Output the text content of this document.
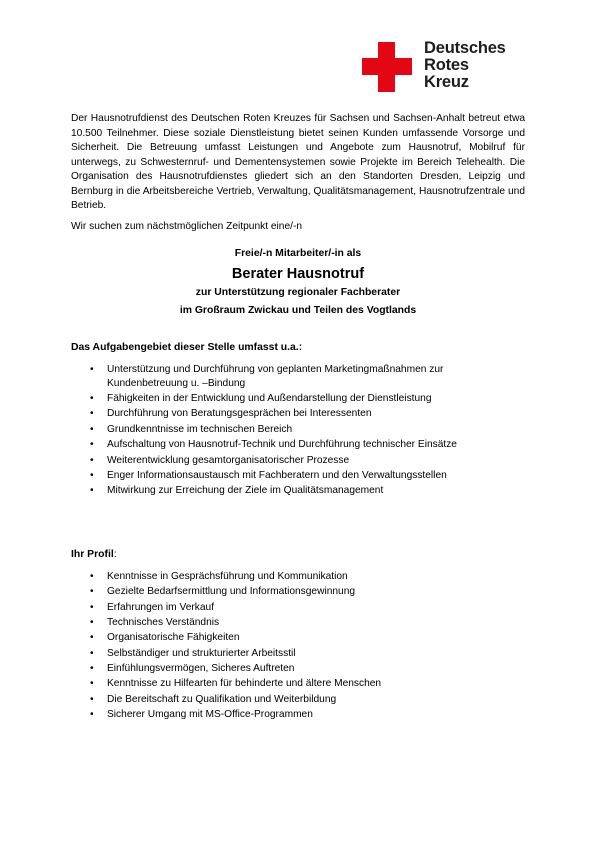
Deutsches
Rotes
Kreuz

Der Hausnotrufdienst des Deutschen Roten Kreuzes für Sachsen und Sachsen-Anhalt betreut etwa 10.500 Teilnehmer. Diese soziale Dienstleistung bietet seinen Kunden umfassende Vorsorge und Sicherheit. Die Betreuung umfasst Leistungen und Angebote zum Hausnotruf, Mobilruf für unterwegs, zu Schwesternruf- und Dementensystemen sowie Projekte im Bereich Telehealth. Die Organisation des Hausnotrufdienstes gliedert sich an den Standorten Dresden, Leipzig und Bernburg in die Arbeitsbereiche Vertrieb, Verwaltung, Qualitätsmanagement, Hausnotrufzentrale und Betrieb.

Wir suchen zum nächstmöglichen Zeitpunkt eine/-n

Freie/-n Mitarbeiter/-in als
Berater Hausnotruf
zur Unterstützung regionaler Fachberater
im Großraum Zwickau und Teilen des Vogtlands
Das Aufgabengebiet dieser Stelle umfasst u.a.:
• Unterstützung und Durchführung von geplanten Marketingmaßnahmen zur Kundenbetreuung u. –Bindung
• Fähigkeiten in der Entwicklung und Außendarstellung der Dienstleistung
• Durchführung von Beratungsgesprächen bei Interessenten
• Grundkenntnisse im technischen Bereich
• Aufschaltung von Hausnotruf-Technik und Durchführung technischer Einsätze
• Weiterentwicklung gesamtorganisatorischer Prozesse
• Enger Informationsaustausch mit Fachberatern und den Verwaltungsstellen
• Mitwirkung zur Erreichung der Ziele im Qualitätsmanagement
Ihr Profil:
• Kenntnisse in Gesprächsführung und Kommunikation
• Gezielte Bedarfsermittlung und Informationsgewinnung
• Erfahrungen im Verkauf
• Technisches Verständnis
• Organisatorische Fähigkeiten
• Selbständiger und strukturierter Arbeitsstil
• Einfühlungsvermögen, Sicheres Auftreten
• Kenntnisse zu Hilfearten für behinderte und ältere Menschen
• Die Bereitschaft zu Qualifikation und Weiterbildung
• Sicherer Umgang mit MS-Office-Programmen
